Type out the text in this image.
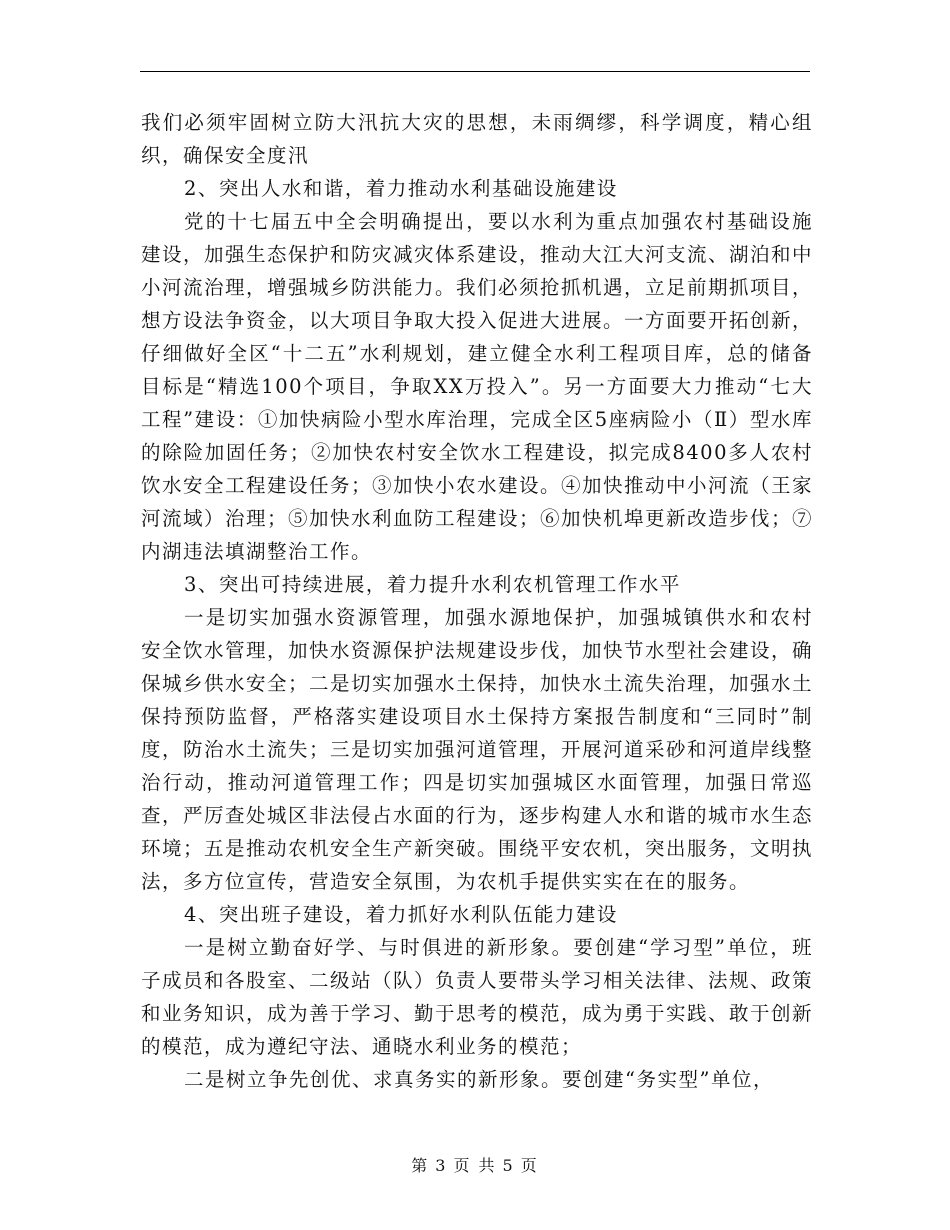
我们必须牢固树立防大汛抗大灾的思想，未雨绸缪，科学调度，精心组织，确保安全度汛

2、突出人水和谐，着力推动水利基础设施建设

党的十七届五中全会明确提出，要以水利为重点加强农村基础设施建设，加强生态保护和防灾减灾体系建设，推动大江大河支流、湖泊和中小河流治理，增强城乡防洪能力。我们必须抢抓机遇，立足前期抓项目，想方设法争资金，以大项目争取大投入促进大进展。一方面要开拓创新，仔细做好全区“十二五”水利规划，建立健全水利工程项目库，总的储备目标是“精选100个项目，争取XX万投入”。另一方面要大力推动“七大工程”建设：①加快病险小型水库治理，完成全区5座病险小（Ⅱ）型水库的除险加固任务；②加快农村安全饮水工程建设，拟完成8400多人农村饮水安全工程建设任务；③加快小农水建设。④加快推动中小河流（王家河流域）治理；⑤加快水利血防工程建设；⑥加快机埠更新改造步伐；⑦内湖违法填湖整治工作。

3、突出可持续进展，着力提升水利农机管理工作水平

一是切实加强水资源管理，加强水源地保护，加强城镇供水和农村安全饮水管理，加快水资源保护法规建设步伐，加快节水型社会建设，确保城乡供水安全；二是切实加强水土保持，加快水土流失治理，加强水土保持预防监督，严格落实建设项目水土保持方案报告制度和“三同时”制度，防治水土流失；三是切实加强河道管理，开展河道采砂和河道岸线整治行动，推动河道管理工作；四是切实加强城区水面管理，加强日常巡查，严厉查处城区非法侵占水面的行为，逐步构建人水和谐的城市水生态环境；五是推动农机安全生产新突破。围绕平安农机，突出服务，文明执法，多方位宣传，营造安全氛围，为农机手提供实实在在的服务。

4、突出班子建设，着力抓好水利队伍能力建设

一是树立勤奋好学、与时俱进的新形象。要创建“学习型”单位，班子成员和各股室、二级站（队）负责人要带头学习相关法律、法规、政策和业务知识，成为善于学习、勤于思考的模范，成为勇于实践、敢于创新的模范，成为遵纪守法、通晓水利业务的模范；

二是树立争先创优、求真务实的新形象。要创建“务实型”单位，

第 3 页 共 5 页
